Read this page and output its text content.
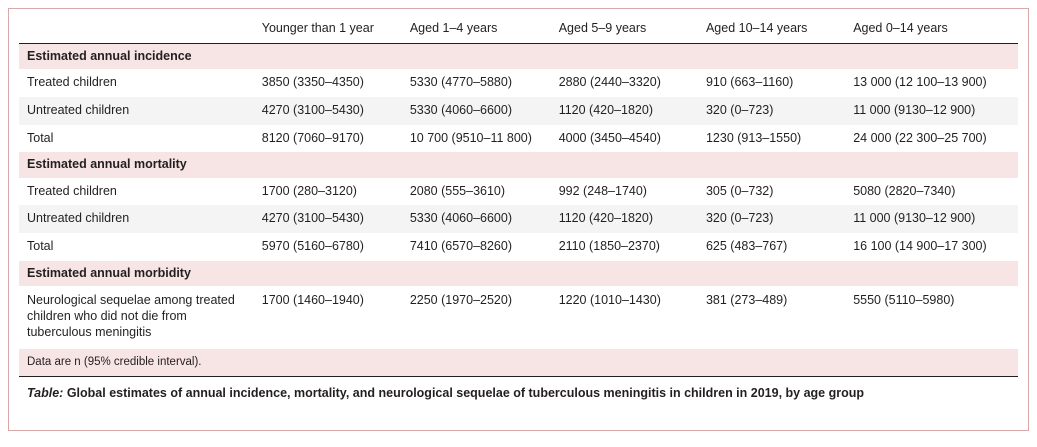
	Younger than 1 year	Aged 1–4 years	Aged 5–9 years	Aged 10–14 years	Aged 0–14 years
Estimated annual incidence					
Treated children	3850 (3350–4350)	5330 (4770–5880)	2880 (2440–3320)	910 (663–1160)	13 000 (12 100–13 900)
Untreated children	4270 (3100–5430)	5330 (4060–6600)	1120 (420–1820)	320 (0–723)	11 000 (9130–12 900)
Total	8120 (7060–9170)	10 700 (9510–11 800)	4000 (3450–4540)	1230 (913–1550)	24 000 (22 300–25 700)
Estimated annual mortality					
Treated children	1700 (280–3120)	2080 (555–3610)	992 (248–1740)	305 (0–732)	5080 (2820–7340)
Untreated children	4270 (3100–5430)	5330 (4060–6600)	1120 (420–1820)	320 (0–723)	11 000 (9130–12 900)
Total	5970 (5160–6780)	7410 (6570–8260)	2110 (1850–2370)	625 (483–767)	16 100 (14 900–17 300)
Estimated annual morbidity					
Neurological sequelae among treated children who did not die from tuberculous meningitis	1700 (1460–1940)	2250 (1970–2520)	1220 (1010–1430)	381 (273–489)	5550 (5110–5980)
Data are n (95% credible interval).
Table: Global estimates of annual incidence, mortality, and neurological sequelae of tuberculous meningitis in children in 2019, by age group
